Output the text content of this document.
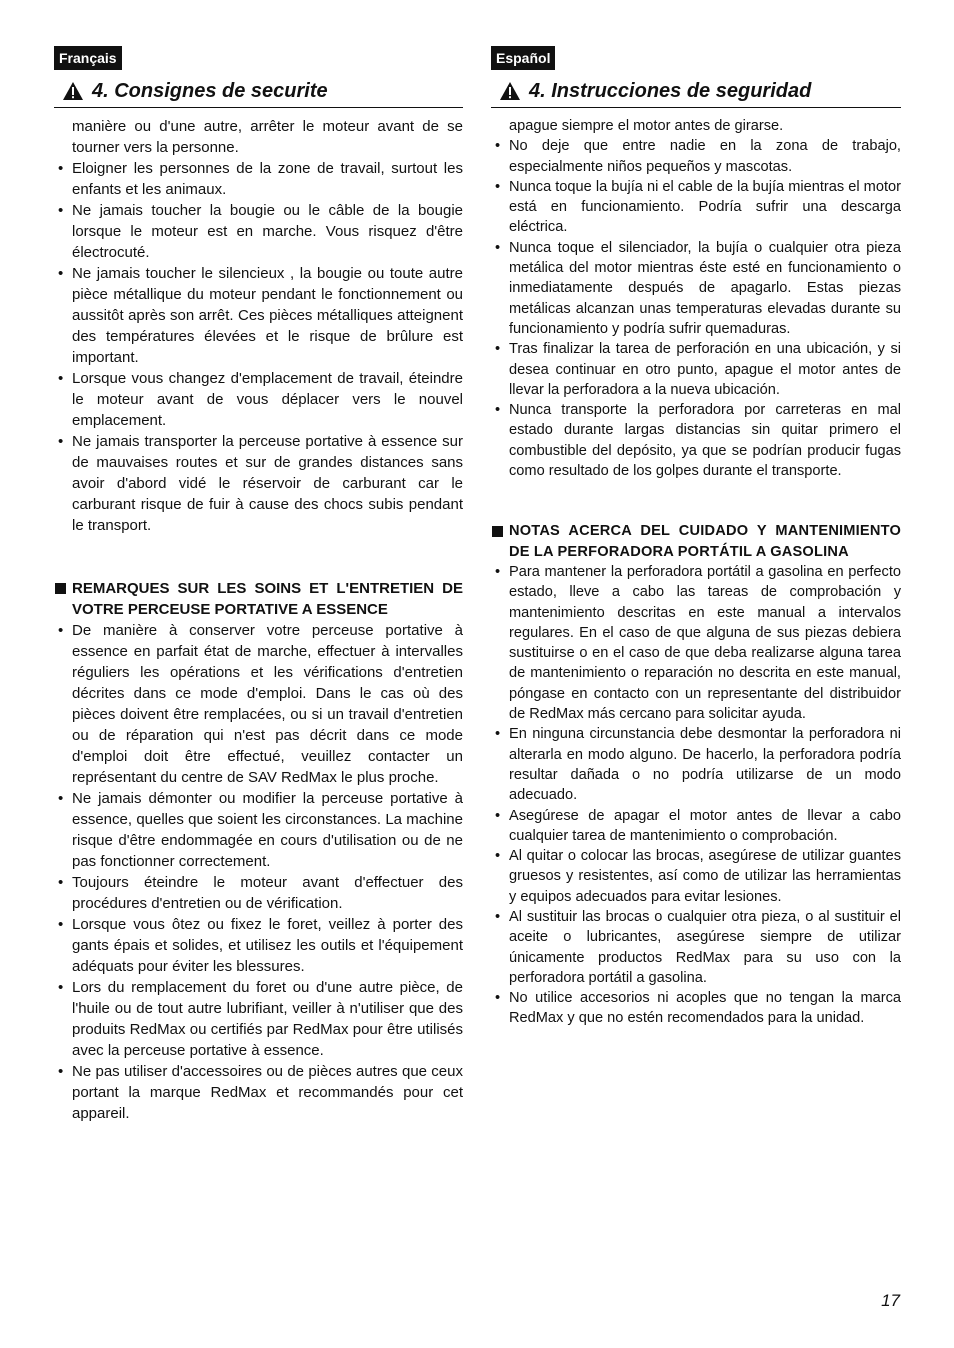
Français
4. Consignes de securite
manière ou d'une autre, arrêter le moteur avant de se tourner vers la personne.
• Eloigner les personnes de la zone de travail, surtout les enfants et les animaux.
• Ne jamais toucher la bougie ou le câble de la bougie lorsque le moteur est en marche. Vous risquez d'être électrocuté.
• Ne jamais toucher le silencieux , la bougie ou toute autre pièce métallique du moteur pendant le fonctionnement ou aussitôt après son arrêt. Ces pièces métalliques atteignent des températures élevées et le risque de brûlure est important.
• Lorsque vous changez d'emplacement de travail, éteindre le moteur avant de vous déplacer vers le nouvel emplacement.
• Ne jamais transporter la perceuse portative à essence sur de mauvaises routes et sur de grandes distances sans avoir d'abord vidé le réservoir de carburant car le carburant risque de fuir à cause des chocs subis pendant le transport.
REMARQUES SUR LES SOINS ET L'ENTRETIEN DE VOTRE PERCEUSE PORTATIVE A ESSENCE
• De manière à conserver votre perceuse portative à essence en parfait état de marche, effectuer à intervalles réguliers les opérations et les vérifications d'entretien décrites dans ce mode d'emploi. Dans le cas où des pièces doivent être remplacées, ou si un travail d'entretien ou de réparation qui n'est pas décrit dans ce mode d'emploi doit être effectué, veuillez contacter un représentant du centre de SAV RedMax le plus proche.
• Ne jamais démonter ou modifier la perceuse portative à essence, quelles que soient les circonstances. La machine risque d'être endommagée en cours d'utilisation ou de ne pas fonctionner correctement.
• Toujours éteindre le moteur avant d'effectuer des procédures d'entretien ou de vérification.
• Lorsque vous ôtez ou fixez le foret, veillez à porter des gants épais et solides, et utilisez les outils et l'équipement adéquats pour éviter les blessures.
• Lors du remplacement du foret ou d'une autre pièce, de l'huile ou de tout autre lubrifiant, veiller à n'utiliser que des produits RedMax ou certifiés par RedMax pour être utilisés avec la perceuse portative à essence.
• Ne pas utiliser d'accessoires ou de pièces autres que ceux portant la marque RedMax et recommandés pour cet appareil.
Español
4. Instrucciones de seguridad
apague siempre el motor antes de girarse.
• No deje que entre nadie en la zona de trabajo, especialmente niños pequeños y mascotas.
• Nunca toque la bujía ni el cable de la bujía mientras el motor está en funcionamiento. Podría sufrir una descarga eléctrica.
• Nunca toque el silenciador, la bujía o cualquier otra pieza metálica del motor mientras éste esté en funcionamiento o inmediatamente después de apagarlo. Estas piezas metálicas alcanzan unas temperaturas elevadas durante su funcionamiento y podría sufrir quemaduras.
• Tras finalizar la tarea de perforación en una ubicación, y si desea continuar en otro punto, apague el motor antes de llevar la perforadora a la nueva ubicación.
• Nunca transporte la perforadora por carreteras en mal estado durante largas distancias sin quitar primero el combustible del depósito, ya que se podrían producir fugas como resultado de los golpes durante el transporte.
NOTAS ACERCA DEL CUIDADO Y MANTENIMIENTO DE LA PERFORADORA PORTÁTIL A GASOLINA
• Para mantener la perforadora portátil a gasolina en perfecto estado, lleve a cabo las tareas de comprobación y mantenimiento descritas en este manual a intervalos regulares. En el caso de que alguna de sus piezas debiera sustituirse o en el caso de que deba realizarse alguna tarea de mantenimiento o reparación no descrita en este manual, póngase en contacto con un representante del distribuidor de RedMax más cercano para solicitar ayuda.
• En ninguna circunstancia debe desmontar la perforadora ni alterarla en modo alguno. De hacerlo, la perforadora podría resultar dañada o no podría utilizarse de un modo adecuado.
• Asegúrese de apagar el motor antes de llevar a cabo cualquier tarea de mantenimiento o comprobación.
• Al quitar o colocar las brocas, asegúrese de utilizar guantes gruesos y resistentes, así como de utilizar las herramientas y equipos adecuados para evitar lesiones.
• Al sustituir las brocas o cualquier otra pieza, o al sustituir el aceite o lubricantes, asegúrese siempre de utilizar únicamente productos RedMax para su uso con la perforadora portátil a gasolina.
• No utilice accesorios ni acoples que no tengan la marca RedMax y que no estén recomendados para la unidad.
17
